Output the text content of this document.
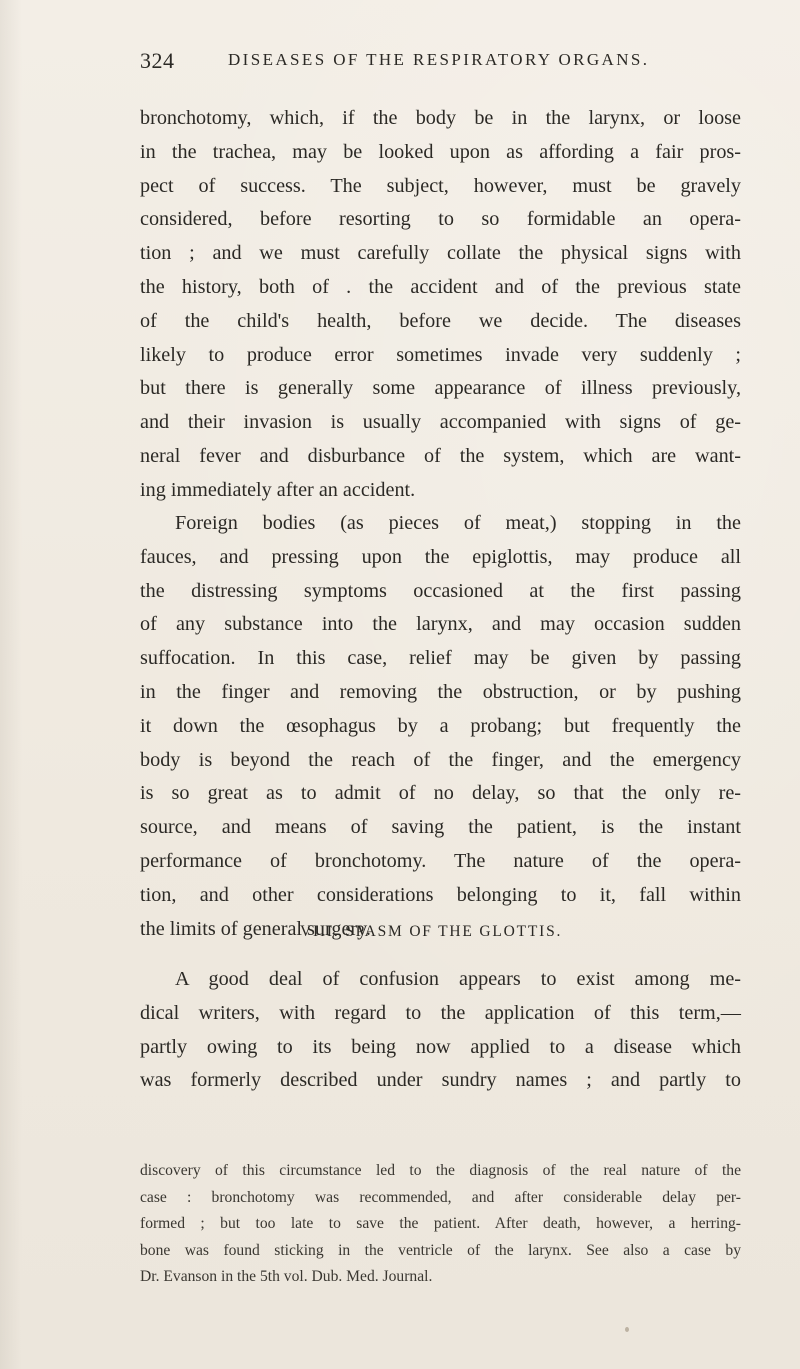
324	DISEASES OF THE RESPIRATORY ORGANS.
bronchotomy, which, if the body be in the larynx, or loose
in the trachea, may be looked upon as affording a fair pros-
pect of success. The subject, however, must be gravely
considered, before resorting to so formidable an opera-
tion ; and we must carefully collate the physical signs with
the history, both of . the accident and of the previous state
of the child's health, before we decide. The diseases
likely to produce error sometimes invade very suddenly ;
but there is generally some appearance of illness previously,
and their invasion is usually accompanied with signs of ge-
neral fever and disburbance of the system, which are want-
ing immediately after an accident.
Foreign bodies (as pieces of meat,) stopping in the
fauces, and pressing upon the epiglottis, may produce all
the distressing symptoms occasioned at the first passing
of any substance into the larynx, and may occasion sudden
suffocation. In this case, relief may be given by passing
in the finger and removing the obstruction, or by pushing
it down the œsophagus by a probang; but frequently the
body is beyond the reach of the finger, and the emergency
is so great as to admit of no delay, so that the only re-
source, and means of saving the patient, is the instant
performance of bronchotomy. The nature of the opera-
tion, and other considerations belonging to it, fall within
the limits of general surgery.
VIII. SPASM OF THE GLOTTIS.
A good deal of confusion appears to exist among me-
dical writers, with regard to the application of this term,—
partly owing to its being now applied to a disease which
was formerly described under sundry names ; and partly to
discovery of this circumstance led to the diagnosis of the real nature of the
case : bronchotomy was recommended, and after considerable delay per-
formed ; but too late to save the patient. After death, however, a herring-
bone was found sticking in the ventricle of the larynx. See also a case by
Dr. Evanson in the 5th vol. Dub. Med. Journal.
